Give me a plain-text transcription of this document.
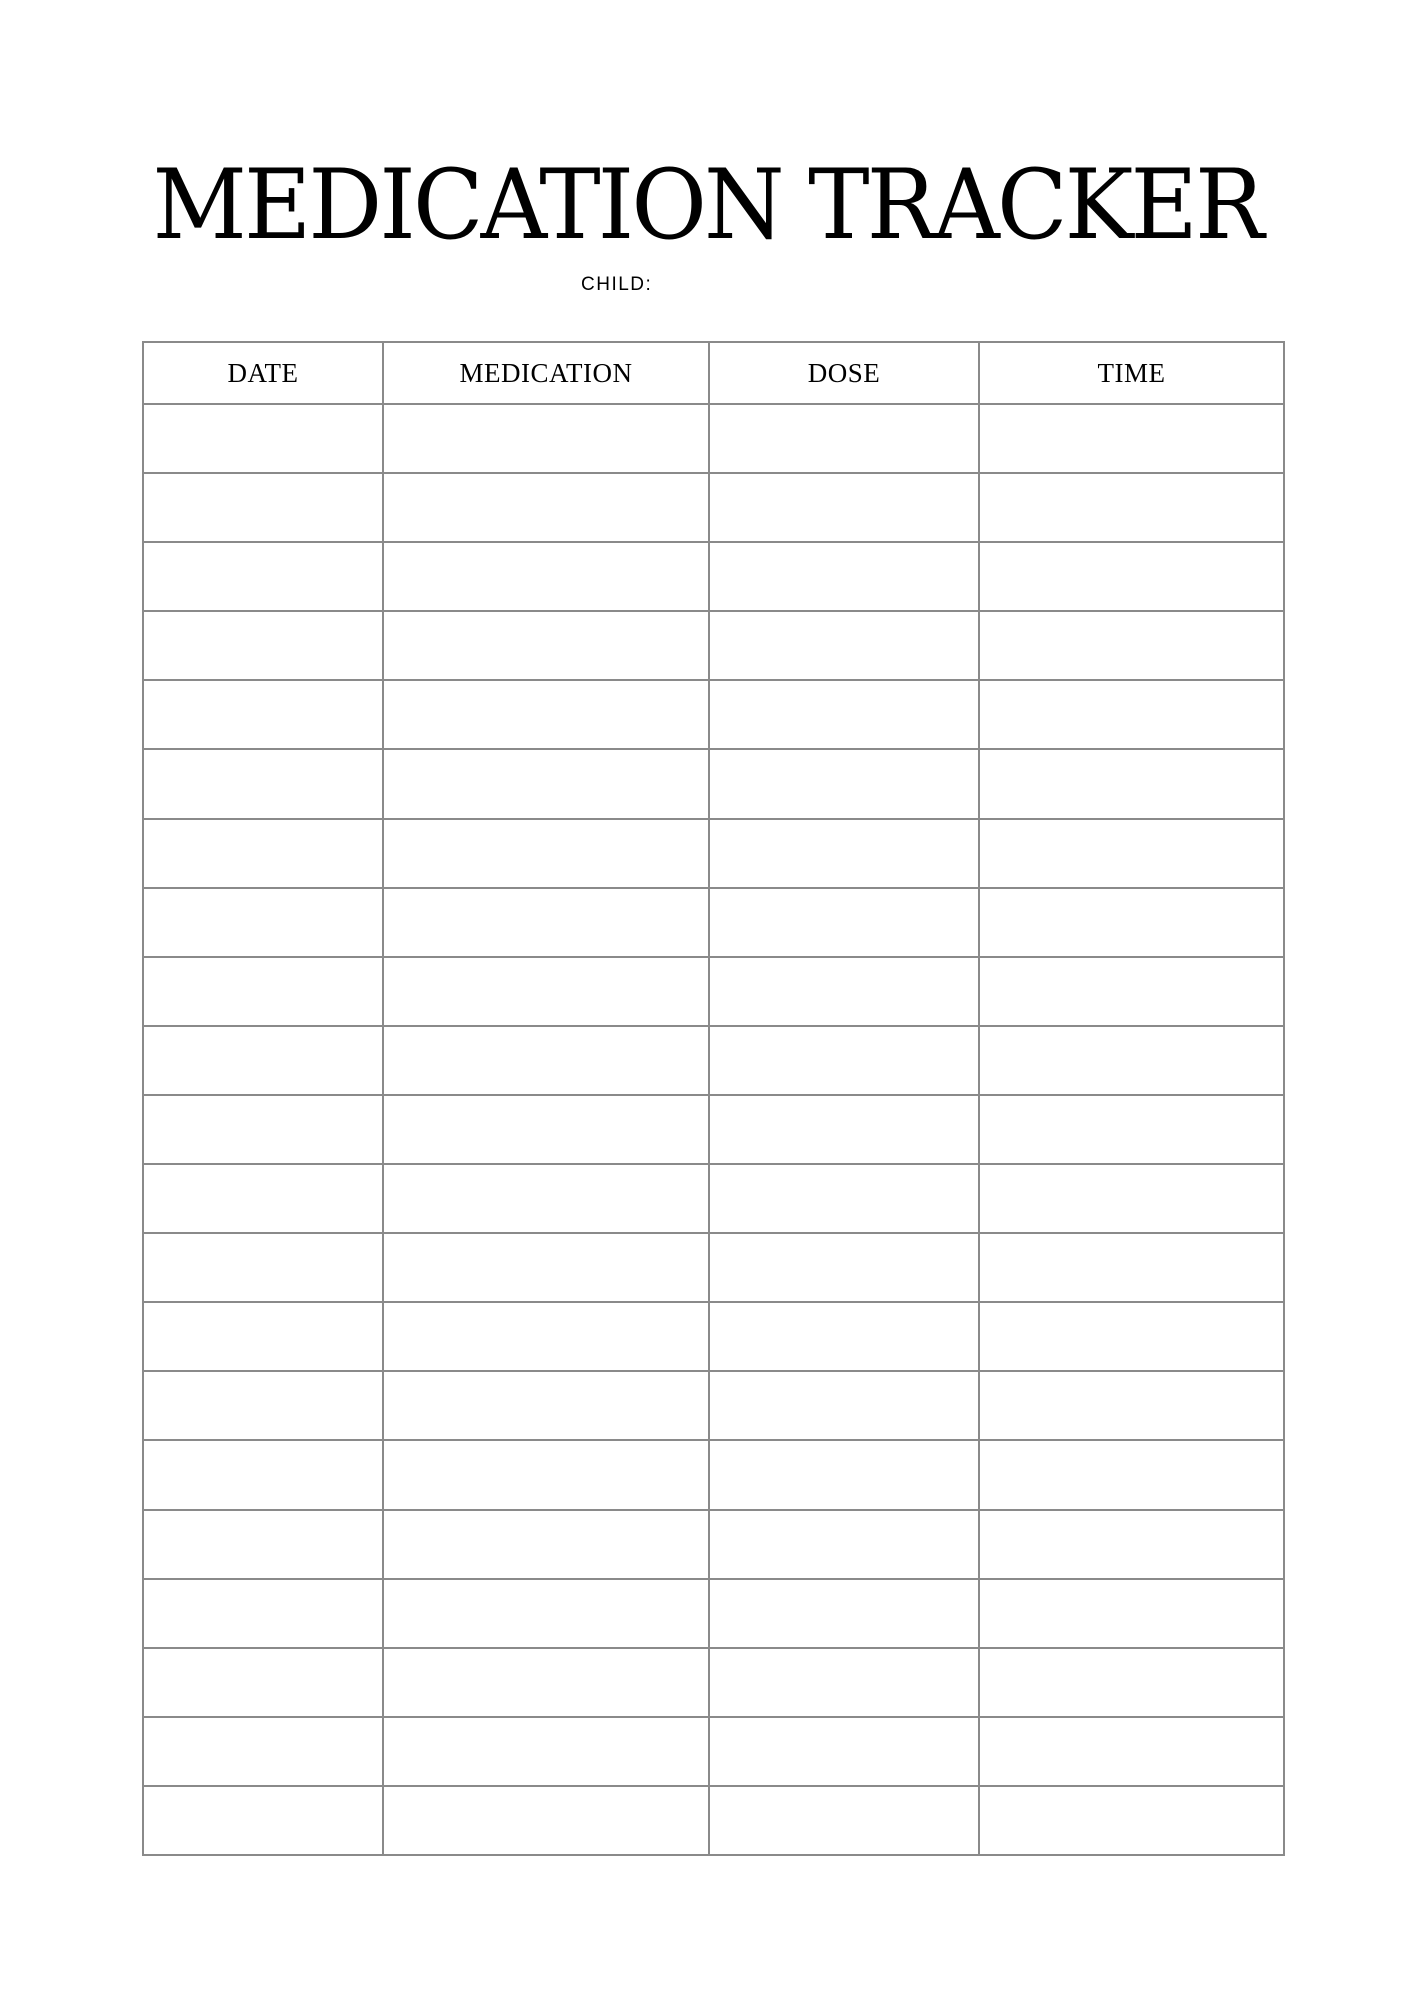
MEDICATION TRACKER
CHILD:
DATE	MEDICATION	DOSE	TIME
